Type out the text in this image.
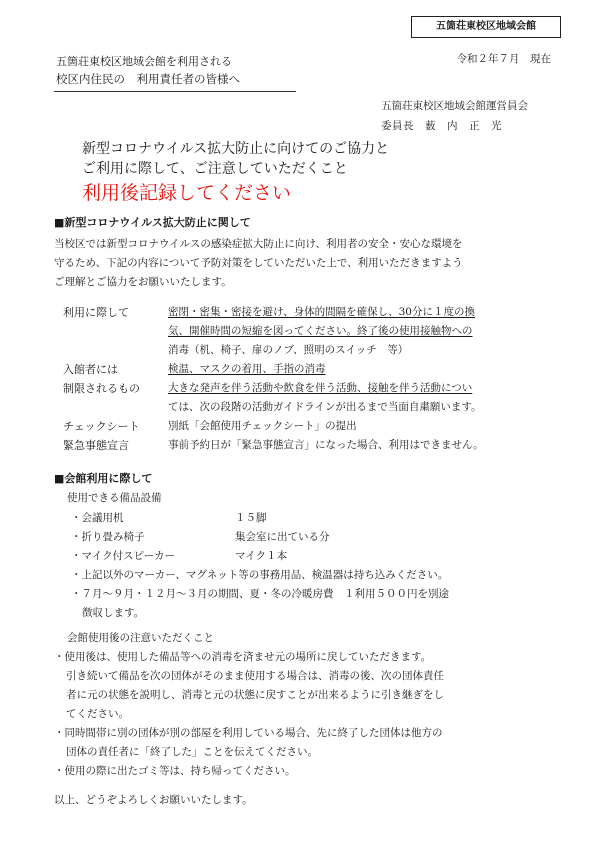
五箇荘東校区地域会館
令和２年７月　現在
五箇荘東校区地域会館を利用される
校区内住民の　利用責任者の皆様へ
五箇荘東校区地域会館運営員会
委員長　薮　内　正　光
新型コロナウイルス拡大防止に向けてのご協力と
ご利用に際して、ご注意していただくこと
利用後記録してください
■新型コロナウイルス拡大防止に関して
当校区では新型コロナウイルスの感染症拡大防止に向け、利用者の安全・安心な環境を
守るため、下記の内容について予防対策をしていただいた上で、利用いただきますよう
ご理解とご協力をお願いいたします。
利用に際して	密閉・密集・密接を避け、身体的間隔を確保し、30分に１度の換
気、開催時間の短縮を図ってください。終了後の使用接触物への
消毒（机、椅子、扉のノブ、照明のスイッチ　等）
入館者には	検温、マスクの着用、手指の消毒
制限されるもの	大きな発声を伴う活動や飲食を伴う活動、接触を伴う活動につい
ては、次の段階の活動ガイドラインが出るまで当面自粛願います。
チェックシート	別紙「会館使用チェックシート」の提出
緊急事態宣言	事前予約日が「緊急事態宣言」になった場合、利用はできません。
■会館利用に際して
使用できる備品設備
・会議用机	１５脚
・折り畳み椅子	集会室に出ている分
・マイク付スピーカー	マイク１本
・上記以外のマーカー、マグネット等の事務用品、検温器は持ち込みください。
・７月～９月・１２月～３月の期間、夏・冬の冷暖房費　１利用５００円を別途
徴収します。
会館使用後の注意いただくこと
・使用後は、使用した備品等への消毒を済ませ元の場所に戻していただきます。
引き続いて備品を次の団体がそのまま使用する場合は、消毒の後、次の団体責任
者に元の状態を説明し、消毒と元の状態に戻すことが出来るように引き継ぎをし
てください。
・同時間帯に別の団体が別の部屋を利用している場合、先に終了した団体は他方の
団体の責任者に「終了した」ことを伝えてください。
・使用の際に出たゴミ等は、持ち帰ってください。
以上、どうぞよろしくお願いいたします。
